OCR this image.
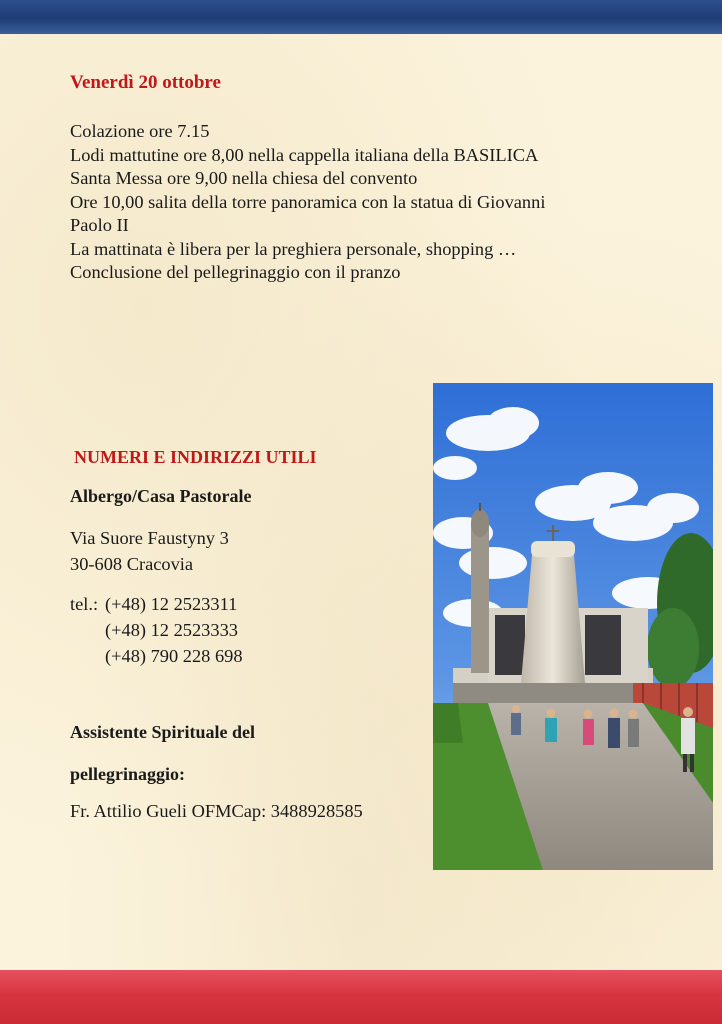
Venerdì 20 ottobre
Colazione ore 7.15
Lodi mattutine ore 8,00 nella cappella italiana della BASILICA
Santa Messa ore 9,00 nella chiesa del convento
Ore 10,00 salita della torre panoramica con la statua di Giovanni
Paolo II
La mattinata è libera per la preghiera personale, shopping …
Conclusione del pellegrinaggio con il pranzo
NUMERI E INDIRIZZI UTILI
Albergo/Casa Pastorale
Via Suore Faustyny 3
30-608 Cracovia
tel.: (+48) 12 2523311
(+48) 12 2523333
(+48) 790 228 698
Assistente Spirituale del
pellegrinaggio:
Fr. Attilio Gueli OFMCap: 3488928585
